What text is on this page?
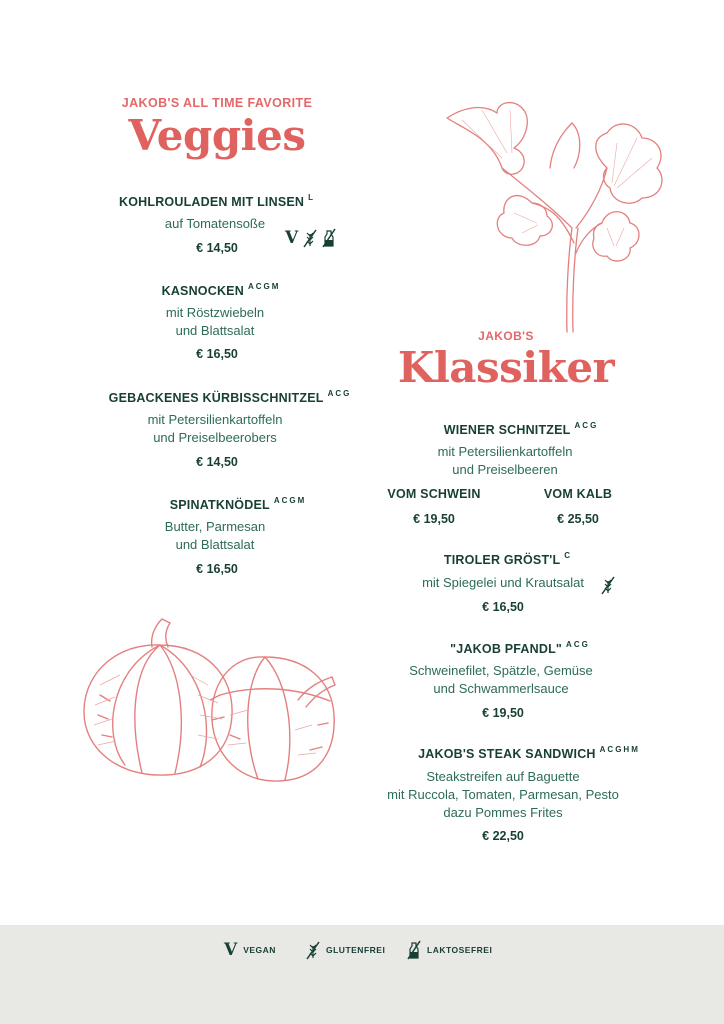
JAKOB'S ALL TIME FAVORITE
Veggies
KOHLROULADEN MIT LINSEN $^L$
auf Tomatensoße
€ 14,50	V
KASNOCKEN $^{ACGM}$
mit Röstzwiebeln
und Blattsalat
€ 16,50
GEBACKENES KÜRBISSCHNITZEL $^{ACG}$
mit Petersilienkartoffeln
und Preiselbeerobers
€ 14,50
SPINATKNÖDEL $^{ACGM}$
Butter, Parmesan
und Blattsalat
€ 16,50
JAKOB'S
Klassiker
WIENER SCHNITZEL $^{ACG}$
mit Petersilienkartoffeln
und Preiselbeeren
VOM SCHWEIN
€ 19,50
VOM KALB
€ 25,50
TIROLER GRÖST'L $^C$
mit Spiegelei und Krautsalat
€ 16,50
"JAKOB PFANDL" $^{ACG}$
Schweinefilet, Spätzle, Gemüse
und Schwammerlsauce
€ 19,50
JAKOB'S STEAK SANDWICH $^{ACGHM}$
Steakstreifen auf Baguette
mit Ruccola, Tomaten, Parmesan, Pesto
dazu Pommes Frites
€ 22,50
V VEGAN	GLUTENFREI	LAKTOSEFREI
